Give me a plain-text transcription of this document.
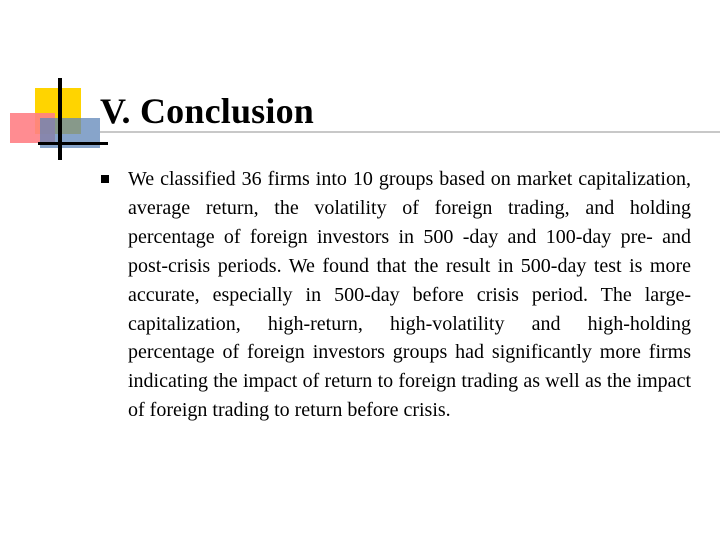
V. Conclusion

We classified 36 firms into 10 groups based on market capitalization, average return, the volatility of foreign trading, and holding percentage of foreign investors in 500 -day and 100-day pre- and post-crisis periods. We found that the result in 500-day test is more accurate, especially in 500-day before crisis period. The large-capitalization, high-return, high-volatility and high-holding percentage of foreign investors groups had significantly more firms indicating the impact of return to foreign trading as well as the impact of foreign trading to return before crisis.
